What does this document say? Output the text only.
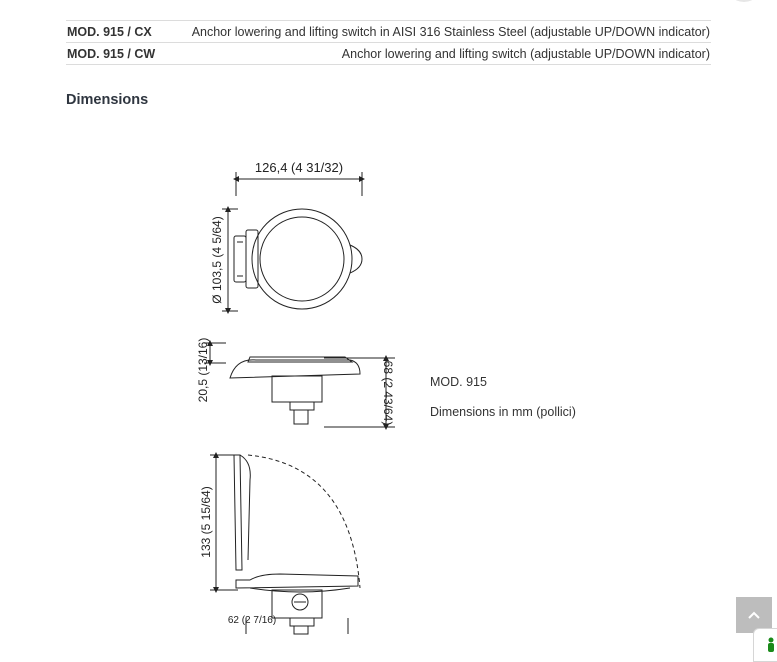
MOD. 915 / CX	Anchor lowering and lifting switch in AISI 316 Stainless Steel (adjustable UP/DOWN indicator)
MOD. 915 / CW	Anchor lowering and lifting switch (adjustable UP/DOWN indicator)
Dimensions
126,4 (4 31/32)
Ø 103,5 (4 5/64)
20,5 (13/16)	68 (2 43/64)
133 (5 15/64)
62 (2 7/16)
MOD. 915
Dimensions in mm (pollici)
